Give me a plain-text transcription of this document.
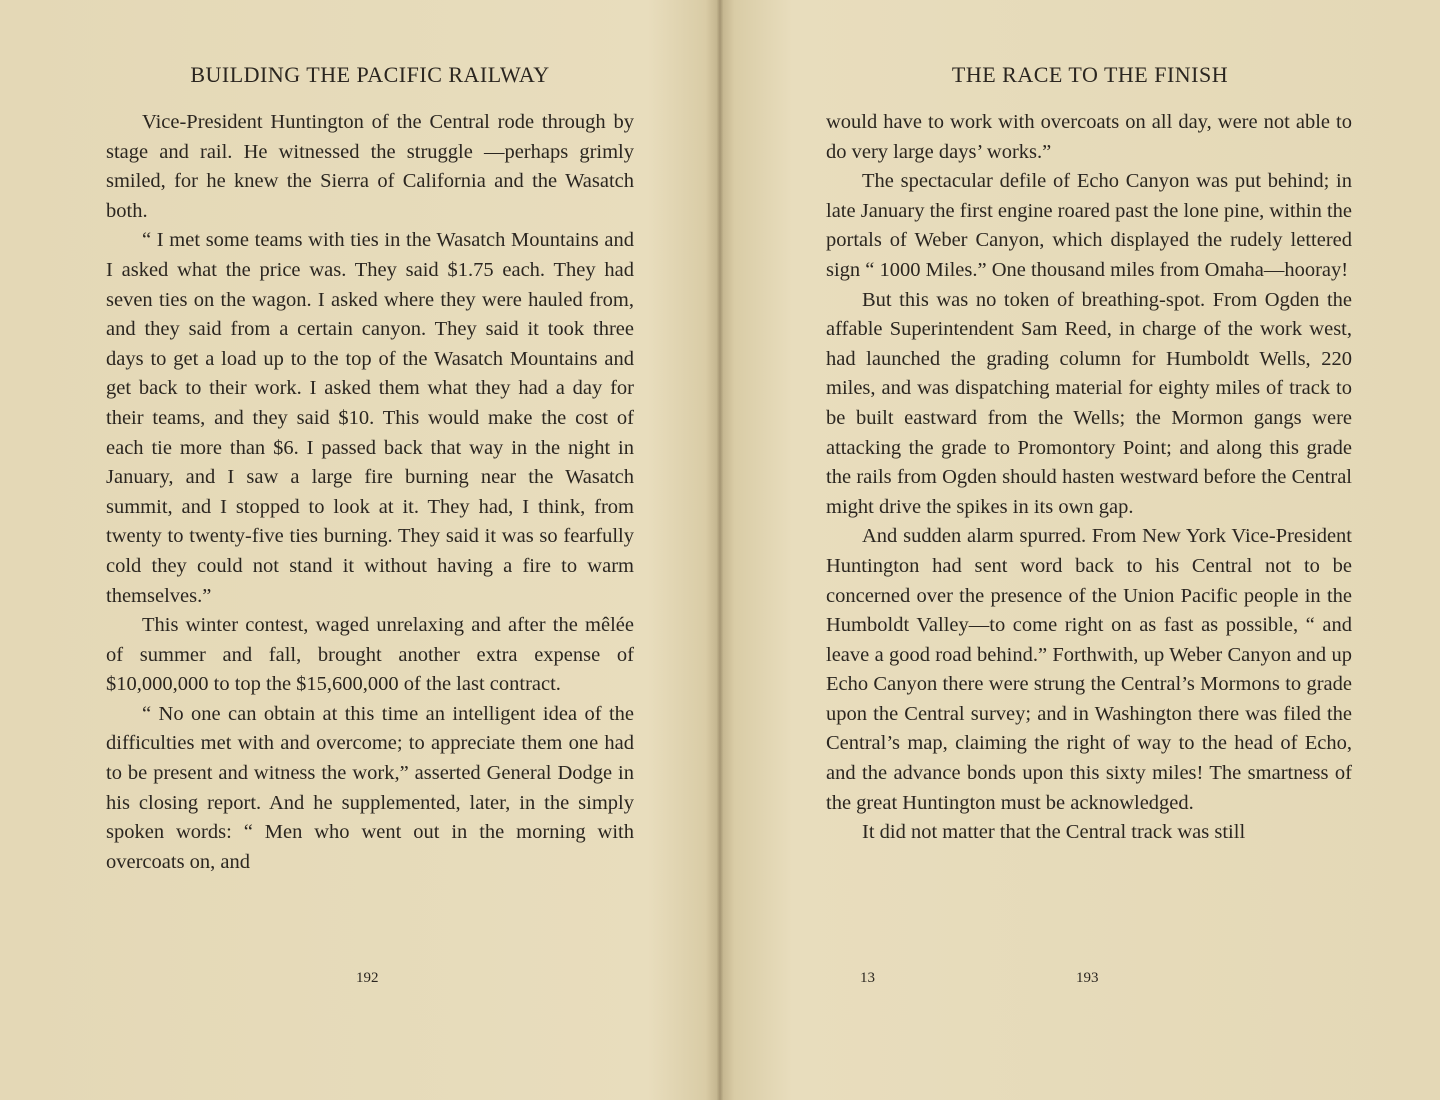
BUILDING THE PACIFIC RAILWAY

Vice-President Huntington of the Central rode through by stage and rail. He witnessed the struggle —perhaps grimly smiled, for he knew the Sierra of California and the Wasatch both.

“ I met some teams with ties in the Wasatch Mountains and I asked what the price was. They said $1.75 each. They had seven ties on the wagon. I asked where they were hauled from, and they said from a certain canyon. They said it took three days to get a load up to the top of the Wasatch Mountains and get back to their work. I asked them what they had a day for their teams, and they said $10. This would make the cost of each tie more than $6. I passed back that way in the night in January, and I saw a large fire burning near the Wasatch summit, and I stopped to look at it. They had, I think, from twenty to twenty-five ties burning. They said it was so fearfully cold they could not stand it without having a fire to warm themselves.”

This winter contest, waged unrelaxing and after the mêlée of summer and fall, brought another extra expense of $10,000,000 to top the $15,600,000 of the last contract.

“ No one can obtain at this time an intelligent idea of the difficulties met with and overcome; to appreciate them one had to be present and witness the work,” asserted General Dodge in his closing report. And he supplemented, later, in the simply spoken words: “ Men who went out in the morning with overcoats on, and

192
THE RACE TO THE FINISH

would have to work with overcoats on all day, were not able to do very large days’ works.”

The spectacular defile of Echo Canyon was put behind; in late January the first engine roared past the lone pine, within the portals of Weber Canyon, which displayed the rudely lettered sign “ 1000 Miles.” One thousand miles from Omaha—hooray!

But this was no token of breathing-spot. From Ogden the affable Superintendent Sam Reed, in charge of the work west, had launched the grading column for Humboldt Wells, 220 miles, and was dispatching material for eighty miles of track to be built eastward from the Wells; the Mormon gangs were attacking the grade to Promontory Point; and along this grade the rails from Ogden should hasten westward before the Central might drive the spikes in its own gap.

And sudden alarm spurred. From New York Vice-President Huntington had sent word back to his Central not to be concerned over the presence of the Union Pacific people in the Humboldt Valley—to come right on as fast as possible, “ and leave a good road behind.” Forthwith, up Weber Canyon and up Echo Canyon there were strung the Central’s Mormons to grade upon the Central survey; and in Washington there was filed the Central’s map, claiming the right of way to the head of Echo, and the advance bonds upon this sixty miles! The smartness of the great Huntington must be acknowledged.

It did not matter that the Central track was still

13	193
